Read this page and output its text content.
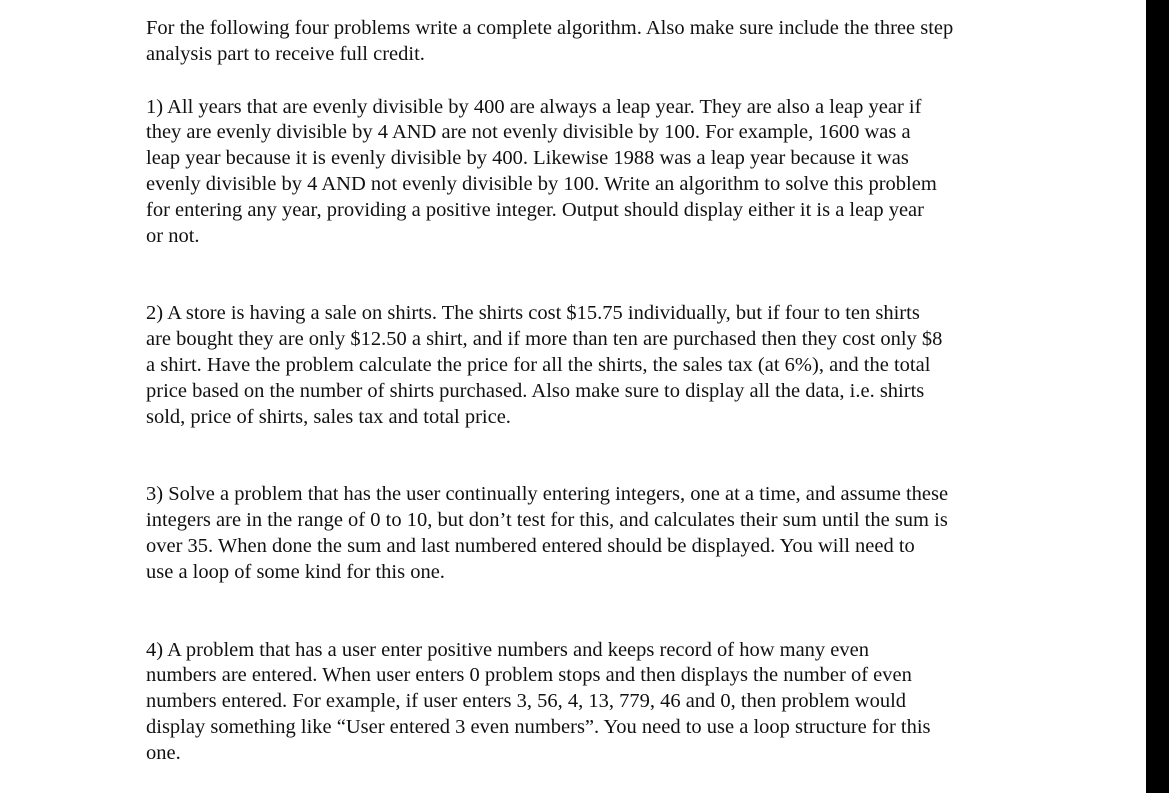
For the following four problems write a complete algorithm. Also make sure include the three step
analysis part to receive full credit.

1) All years that are evenly divisible by 400 are always a leap year. They are also a leap year if
they are evenly divisible by 4 AND are not evenly divisible by 100. For example, 1600 was a
leap year because it is evenly divisible by 400. Likewise 1988 was a leap year because it was
evenly divisible by 4 AND not evenly divisible by 100. Write an algorithm to solve this problem
for entering any year, providing a positive integer. Output should display either it is a leap year
or not.

2) A store is having a sale on shirts. The shirts cost $15.75 individually, but if four to ten shirts
are bought they are only $12.50 a shirt, and if more than ten are purchased then they cost only $8
a shirt. Have the problem calculate the price for all the shirts, the sales tax (at 6%), and the total
price based on the number of shirts purchased. Also make sure to display all the data, i.e. shirts
sold, price of shirts, sales tax and total price.

3) Solve a problem that has the user continually entering integers, one at a time, and assume these
integers are in the range of 0 to 10, but don’t test for this, and calculates their sum until the sum is
over 35. When done the sum and last numbered entered should be displayed. You will need to
use a loop of some kind for this one.

4) A problem that has a user enter positive numbers and keeps record of how many even
numbers are entered. When user enters 0 problem stops and then displays the number of even
numbers entered. For example, if user enters 3, 56, 4, 13, 779, 46 and 0, then problem would
display something like “User entered 3 even numbers”. You need to use a loop structure for this
one.
